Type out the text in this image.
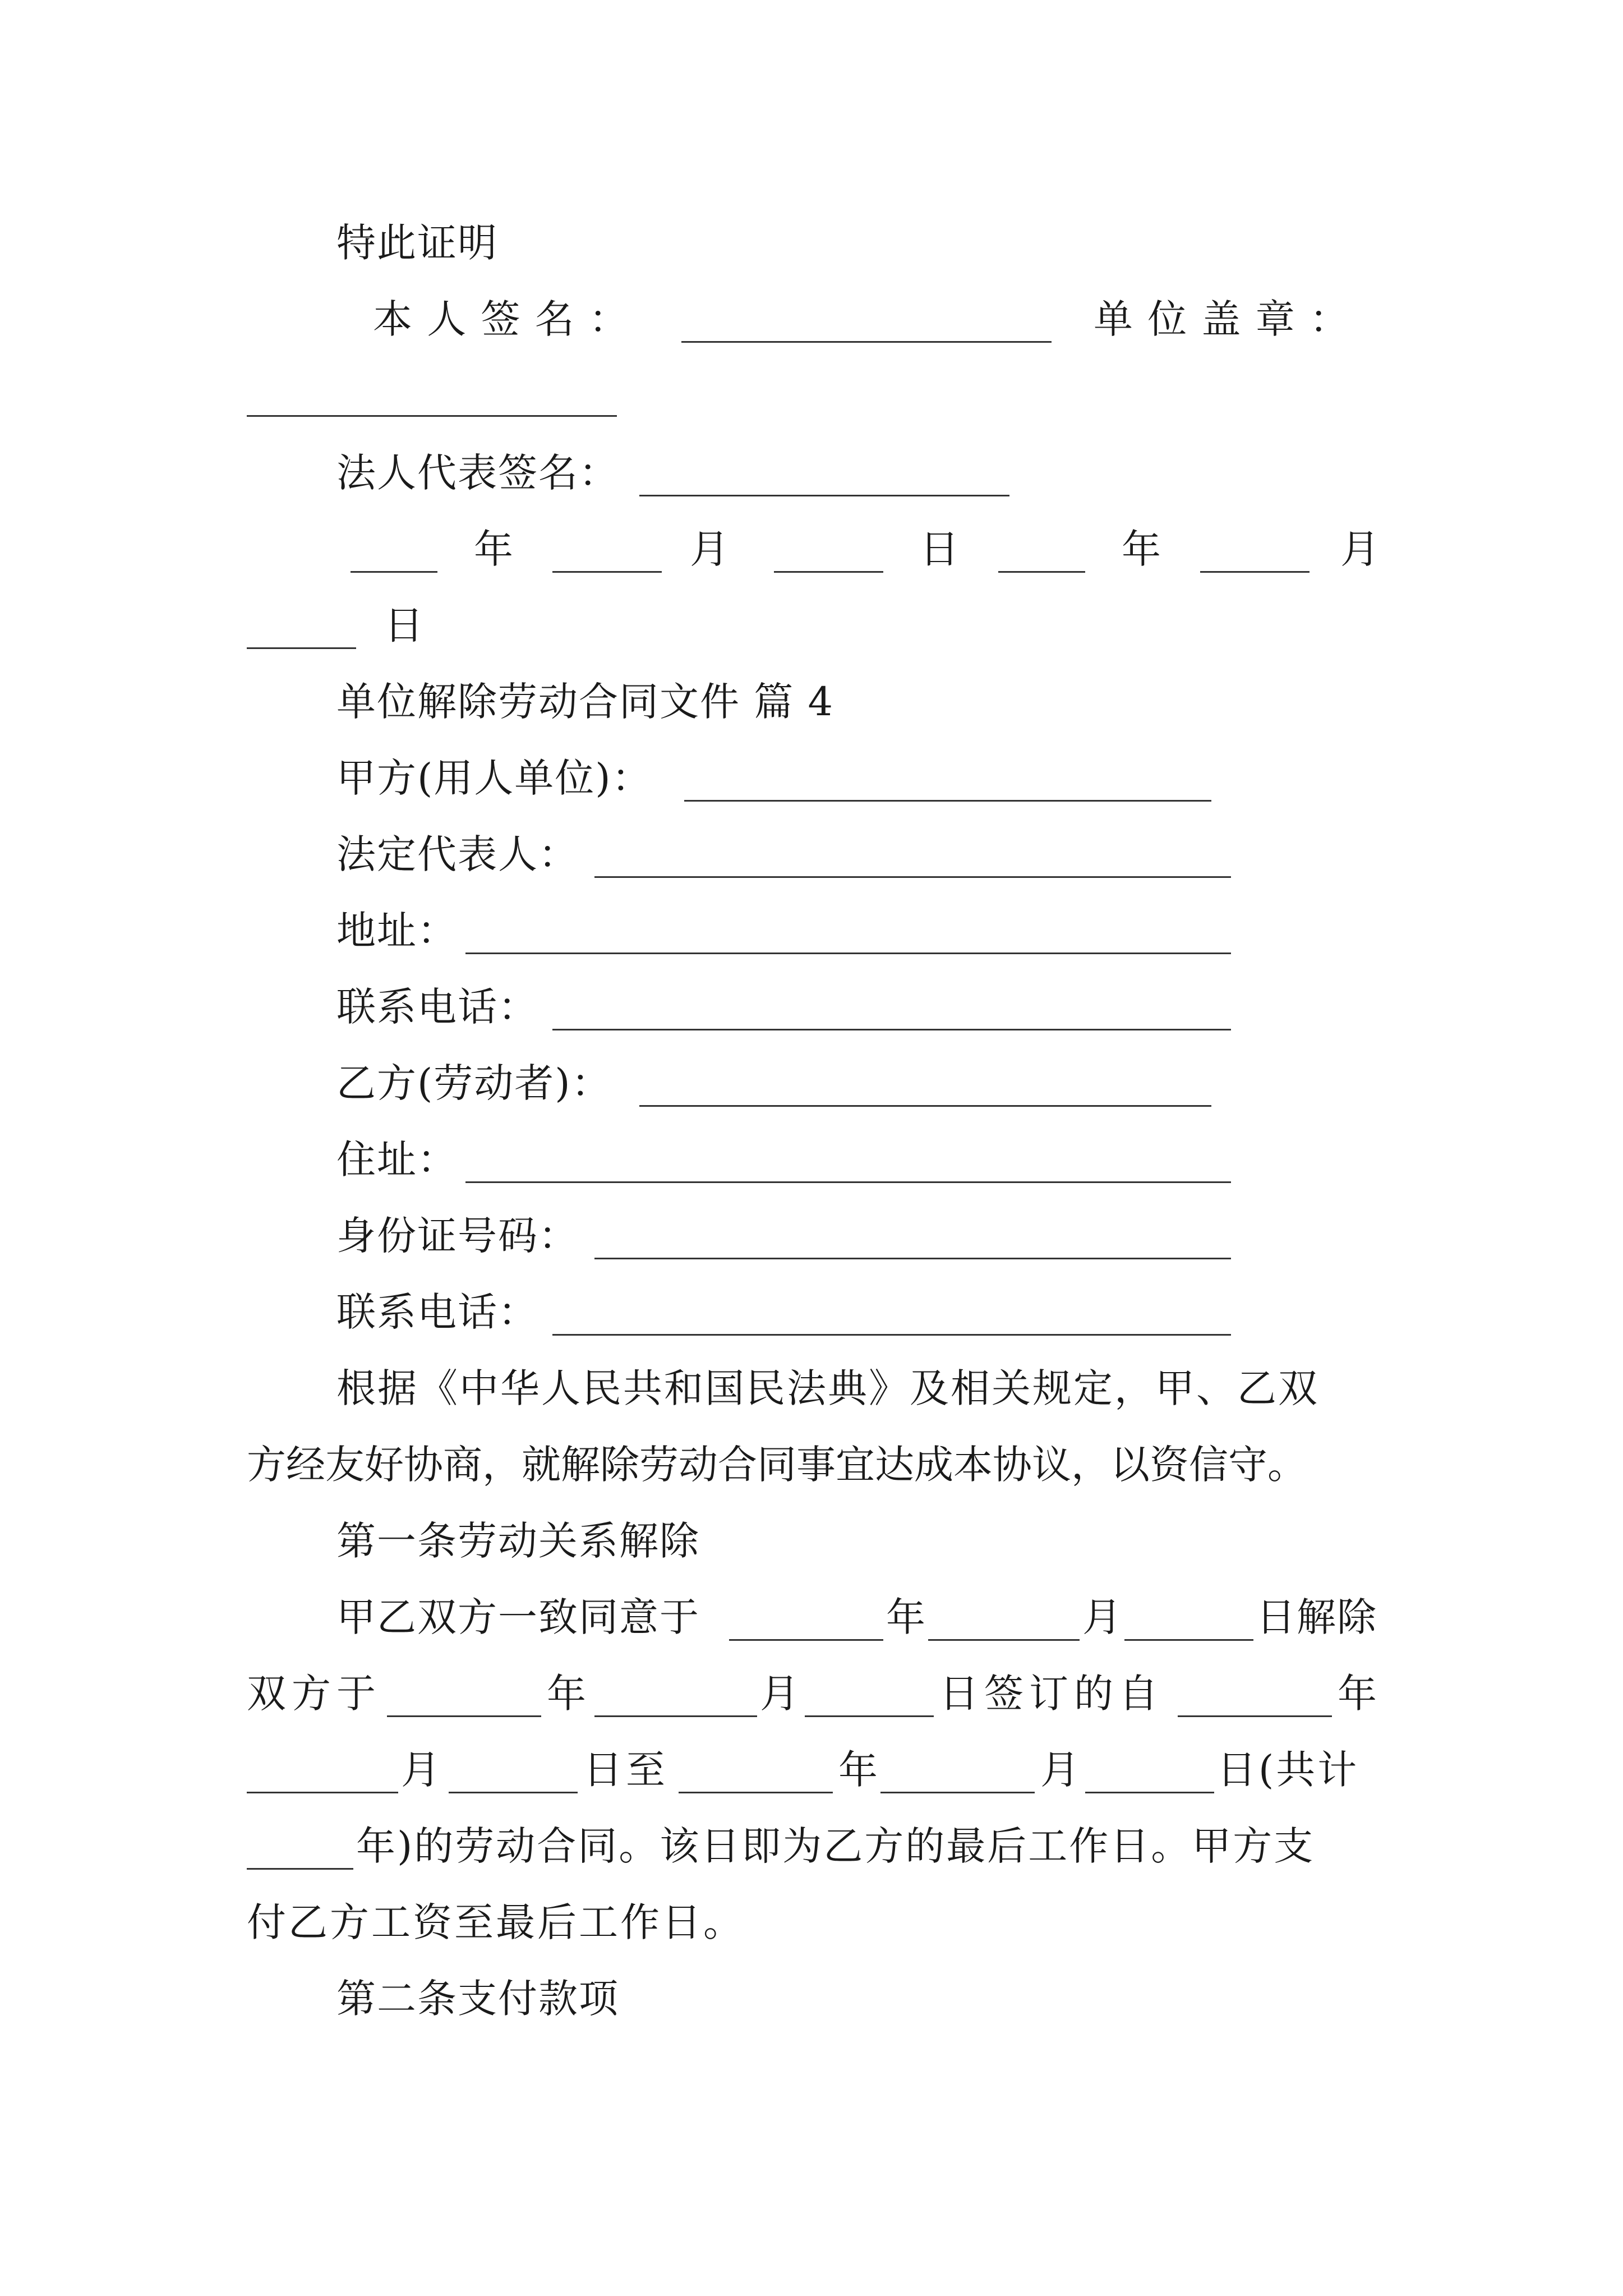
特此证明
本 人 签 名 ：	单 位 盖 章 ：
法人代表签名：
年	月	日	年	月
日
单位解除劳动合同文件 篇 4
甲方(用人单位)：
法定代表人：
地址：
联系电话：
乙方(劳动者)：
住址：
身份证号码：
联系电话：
根据《中华人民共和国民法典》及相关规定，甲、乙双
方经友好协商，就解除劳动合同事宜达成本协议，以资信守。
第一条劳动关系解除
甲乙双方一致同意于	年	月	日解除
双方于	年	月	日签订的自	年
月	日至	年	月	日(共计
年)的劳动合同。该日即为乙方的最后工作日。甲方支
付乙方工资至最后工作日。
第二条支付款项
